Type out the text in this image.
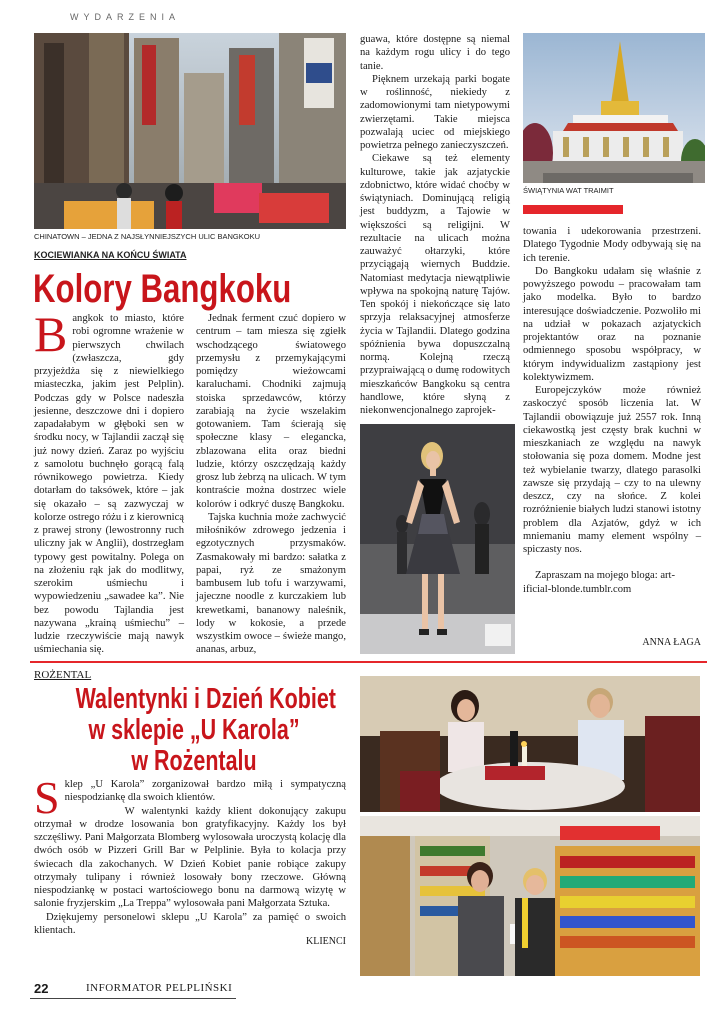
WYDARZENIA
CHINATOWN – JEDNA Z NAJSŁYNNIEJSZYCH ULIC BANGKOKU
ŚWIĄTYNIA WAT TRAIMIT
KOCIEWIANKA NA KOŃCU ŚWIATA
Kolory Bangkoku

Bangkok to miasto, które robi ogromne wrażenie w pierwszych chwilach (zwłaszcza, gdy przyjeżdża się z niewielkiego miasteczka, jakim jest Pelplin). Podczas gdy w Polsce nadeszła jesienne, deszczowe dni i dopiero zapadałabym w głęboki sen w środku nocy, w Tajlandii zaczął się już nowy dzień. Zaraz po wyjściu z samolotu buchnęło gorącą falą równikowego powietrza. Kiedy dotarłam do taksówek, które – jak się okazało – są zazwyczaj w kolorze ostrego różu i z kierownicą z prawej strony (lewostronny ruch uliczny jak w Anglii), dostrzegłam typowy gest powitalny. Polega on na złożeniu rąk jak do modlitwy, szerokim uśmiechu i wypowiedzeniu „sawadee ka”. Nie bez powodu Tajlandia jest nazywana „krainą uśmiechu” – ludzie rzeczywiście mają nawyk uśmiechania się.

Jednak ferment czuć dopiero w centrum – tam miesza się zgiełk wschodzącego światowego przemysłu z przemykającymi pomiędzy wieżowcami karaluchami. Chodniki zajmują stoiska sprzedawców, którzy zarabiają na życie wszelakim gotowaniem. Tam ścierają się społeczne klasy – elegancka, zblazowana elita oraz biedni ludzie, którzy oszczędzają każdy grosz lub żebrzą na ulicach. W tym kontraście można dostrzec wiele kolorów i odkryć duszę Bangkoku.

Tajska kuchnia może zachwycić miłośników zdrowego jedzenia i egzotycznych przysmaków. Zasmakowały mi bardzo: sałatka z papai, ryż ze smażonym bambusem lub tofu i warzywami, jajeczne noodle z kurczakiem lub krewetkami, bananowy naleśnik, lody w kokosie, a przede wszystkim owoce – świeże mango, ananas, arbuz,

guawa, które dostępne są niemal na każdym rogu ulicy i do tego tanie.

Pięknem urzekają parki bogate w roślinność, niekiedy z zadomowionymi tam nietypowymi zwierzętami. Takie miejsca pozwalają uciec od miejskiego powietrza pełnego zanieczyszczeń.

Ciekawe są też elementy kulturowe, takie jak azjatyckie zdobnictwo, które widać choćby w świątyniach. Dominującą religią jest buddyzm, a Tajowie w większości są religijni. W rezultacie na ulicach można zauważyć ołtarzyki, które przyciągają wiernych Buddzie. Natomiast medytacja niewątpliwie wpływa na spokojną naturę Tajów. Ten spokój i niekończące się lato sprzyja relaksacyjnej atmosferze życia w Tajlandii. Dlatego godzina spóźnienia bywa dopuszczalną normą. Kolejną rzeczą przypraiwającą o dumę rodowitych mieszkańców Bangkoku są centra handlowe, które słyną z niekonwencjonalnego zaprojek-

towania i udekorowania przestrzeni. Dlatego Tygodnie Mody odbywają się na ich terenie.

Do Bangkoku udałam się właśnie z powyższego powodu – pracowałam tam jako modelka. Było to bardzo interesujące doświadczenie. Pozwoliło mi na udział w pokazach azjatyckich projektantów oraz na poznanie odmiennego sposobu współpracy, w którym indywidualizm zastąpiony jest kolektywizmem.

Europejczyków może również zaskoczyć sposób liczenia lat. W Tajlandii obowiązuje już 2557 rok. Inną ciekawostką jest częsty brak kuchni w mieszkaniach ze względu na nawyk stołowania się poza domem. Modne jest też wybielanie twarzy, dlatego parasolki zawsze się przydają – czy to na ulewny deszcz, czy na słońce. Z kolei rozróżnienie białych ludzi stanowi istotny problem dla Azjatów, gdyż w ich mniemaniu mamy element wspólny – spiczasty nos.

Zapraszam na mojego bloga: art-ificial-blonde.tumblr.com

ANNA ŁAGA
ROŻENTAL
Walentynki i Dzień Kobiet
w sklepie „U Karola”
w Rożentalu

Sklep „U Karola” zorganizował bardzo miłą i sympatyczną niespodziankę dla swoich klientów.

W walentynki każdy klient dokonujący zakupu otrzymał w drodze losowania bon gratyfikacyjny. Każdy los był szczęśliwy. Pani Małgorzata Blomberg wylosowała uroczystą kolację dla dwóch osób w Pizzeri Grill Bar w Pelplinie. Była to kolacja przy świecach dla zakochanych. W Dzień Kobiet panie robiące zakupy otrzymały tulipany i również losowały bony rzeczowe. Główną niespodziankę w postaci wartościowego bonu na darmową wizytę w salonie fryzjerskim „La Treppa” wylosowała pani Małgorzata Sztuka.

Dziękujemy personelowi sklepu „U Karola” za pamięć o swoich klientach.

KLIENCI
22	INFORMATOR PELPLIŃSKI
